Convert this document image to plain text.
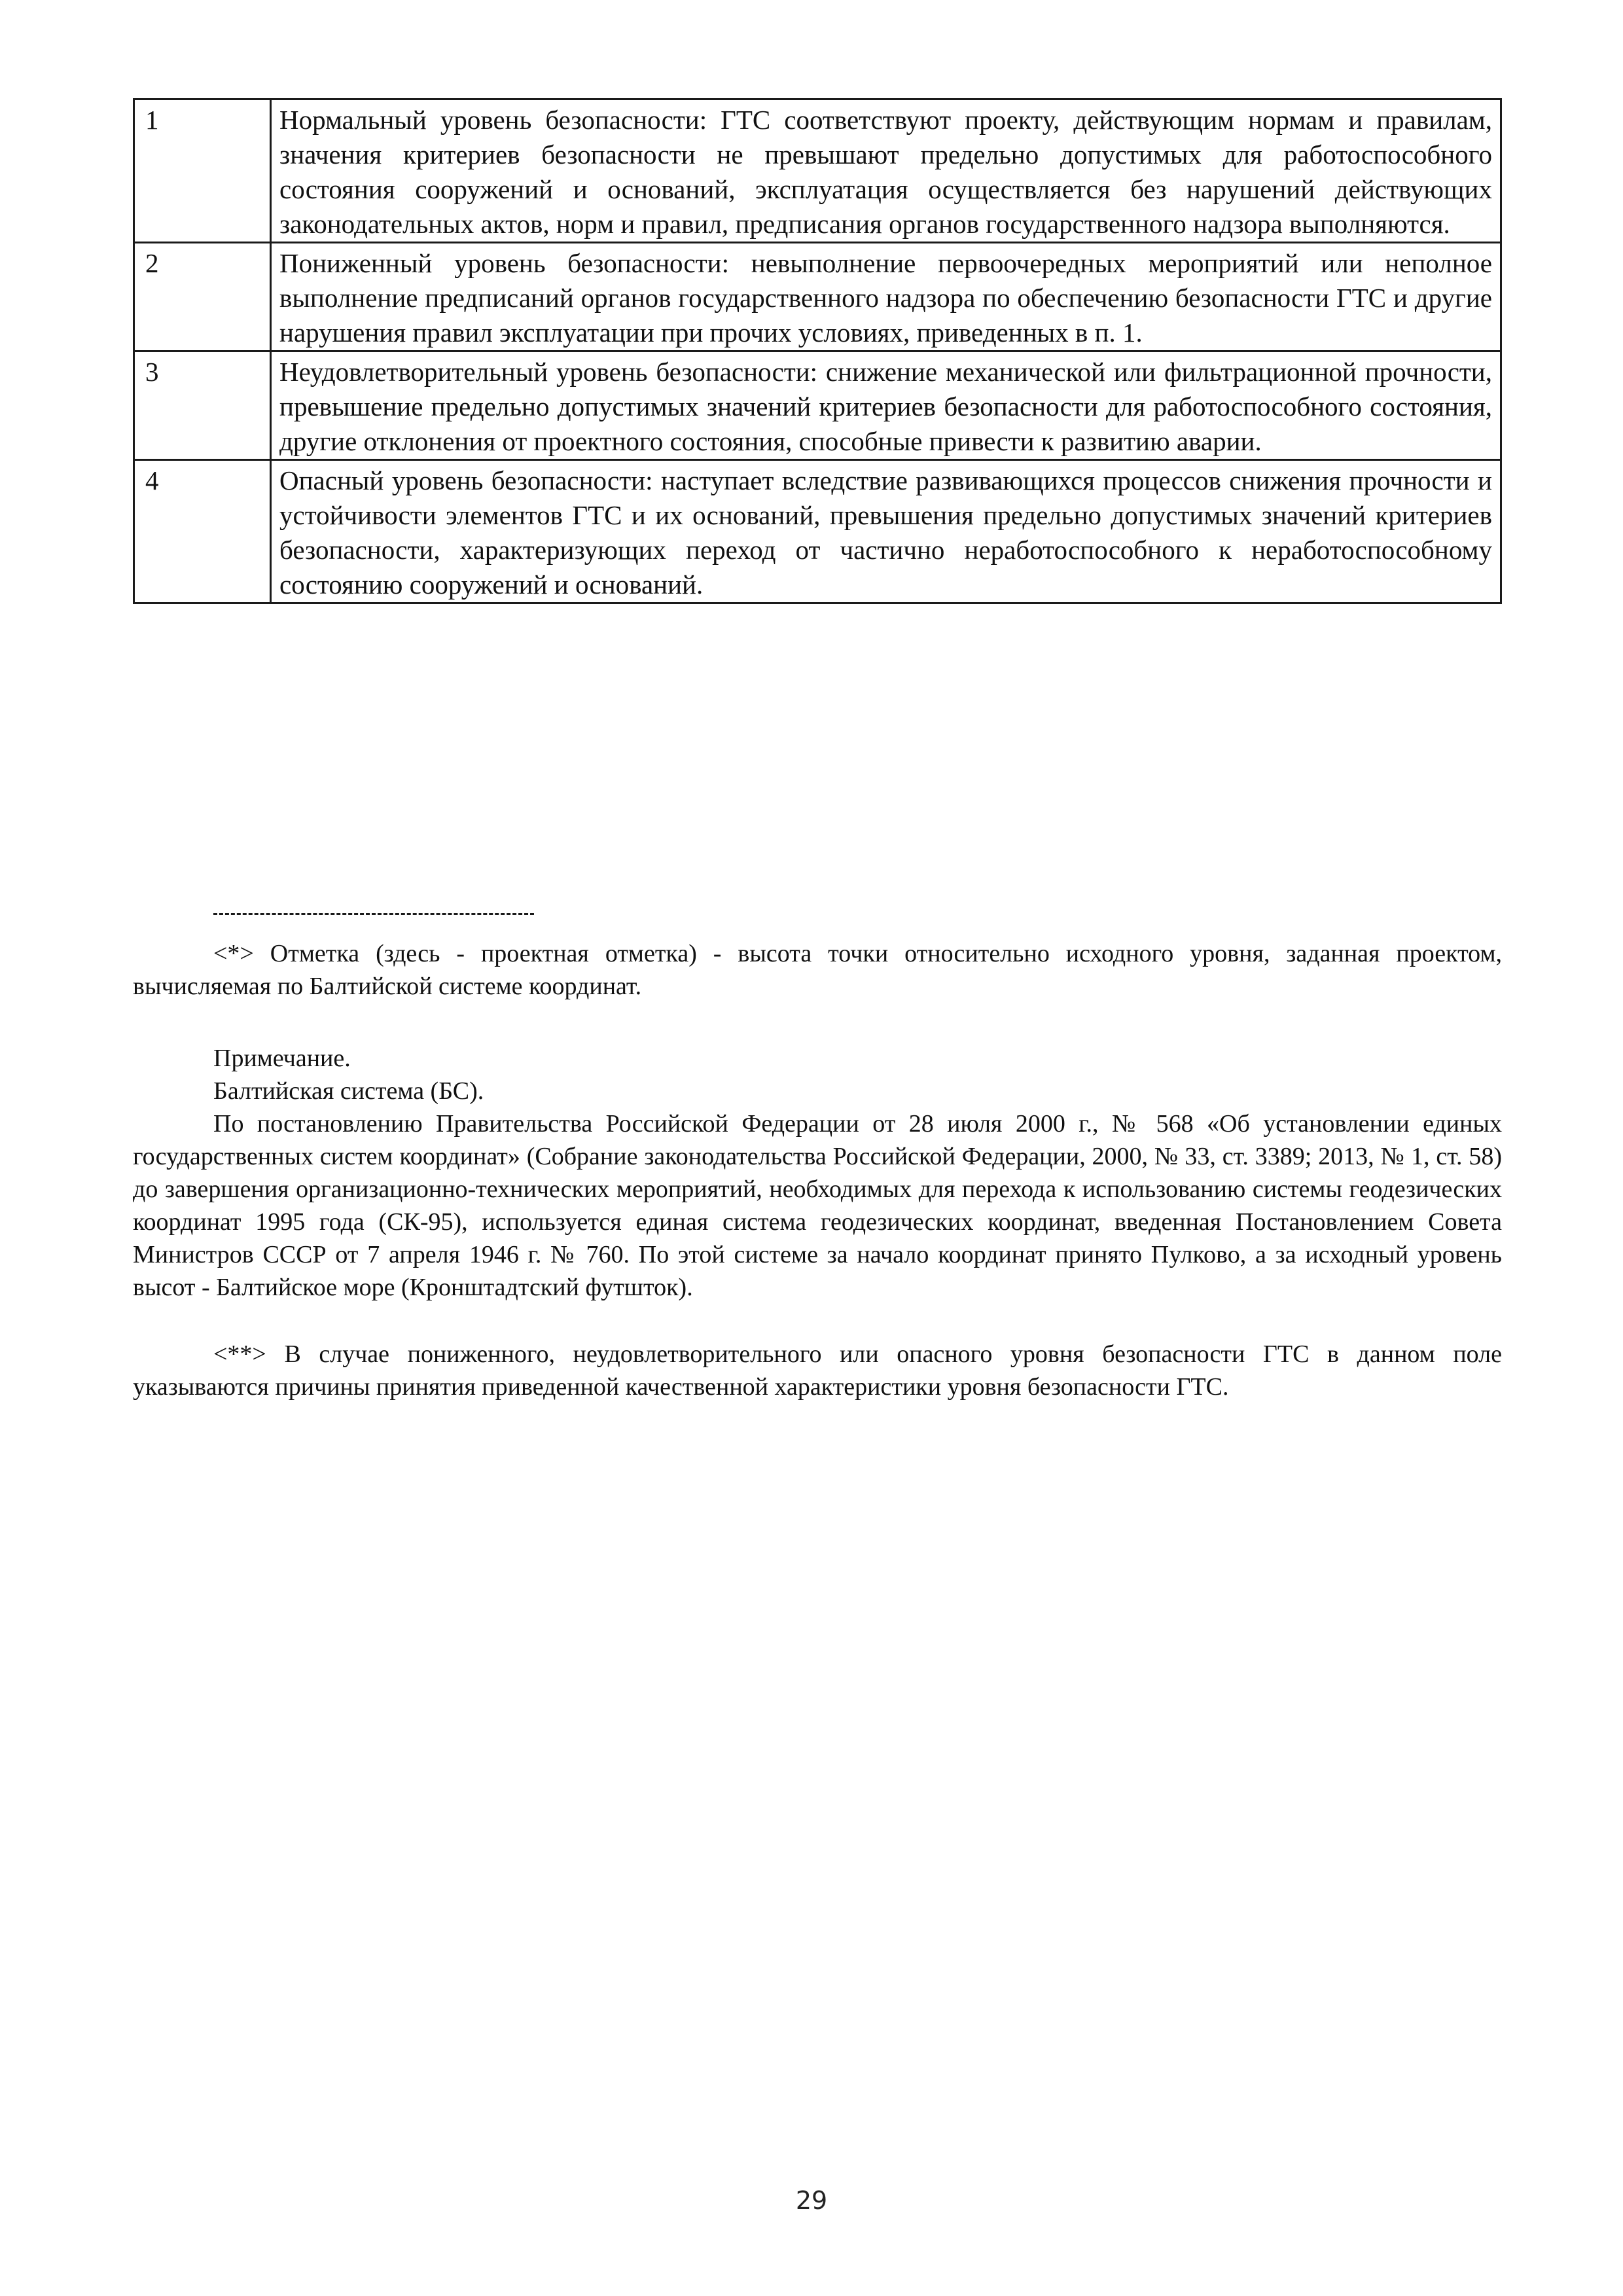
1	Нормальный уровень безопасности: ГТС соответствуют проекту, действующим нормам и правилам, значения критериев безопасности не превышают предельно допустимых для работоспособного состояния сооружений и оснований, эксплуатация осуществляется без нарушений действующих законодательных актов, норм и правил, предписания органов государственного надзора выполняются.
2	Пониженный уровень безопасности: невыполнение первоочередных мероприятий или неполное выполнение предписаний органов государственного надзора по обеспечению безопасности ГТС и другие нарушения правил эксплуатации при прочих условиях, приведенных в п. 1.
3	Неудовлетворительный уровень безопасности: снижение механической или фильтрационной прочности, превышение предельно допустимых значений критериев безопасности для работоспособного состояния, другие отклонения от проектного состояния, способные привести к развитию аварии.
4	Опасный уровень безопасности: наступает вследствие развивающихся процессов снижения прочности и устойчивости элементов ГТС и их оснований, превышения предельно допустимых значений критериев безопасности, характеризующих переход от частично неработоспособного к неработоспособному состоянию сооружений и оснований.

<*> Отметка (здесь - проектная отметка) - высота точки относительно исходного уровня, заданная проектом, вычисляемая по Балтийской системе координат.

Примечание.

Балтийская система (БС).

По постановлению Правительства Российской Федерации от 28 июля 2000 г., № 568 «Об установлении единых государственных систем координат» (Собрание законодательства Российской Федерации, 2000, № 33, ст. 3389; 2013, № 1, ст. 58) до завершения организационно-технических мероприятий, необходимых для перехода к использованию системы геодезических координат 1995 года (СК-95), используется единая система геодезических координат, введенная Постановлением Совета Министров СССР от 7 апреля 1946 г. № 760. По этой системе за начало координат принято Пулково, а за исходный уровень высот - Балтийское море (Кронштадтский футшток).

<**> В случае пониженного, неудовлетворительного или опасного уровня безопасности ГТС в данном поле указываются причины принятия приведенной качественной характеристики уровня безопасности ГТС.

29
